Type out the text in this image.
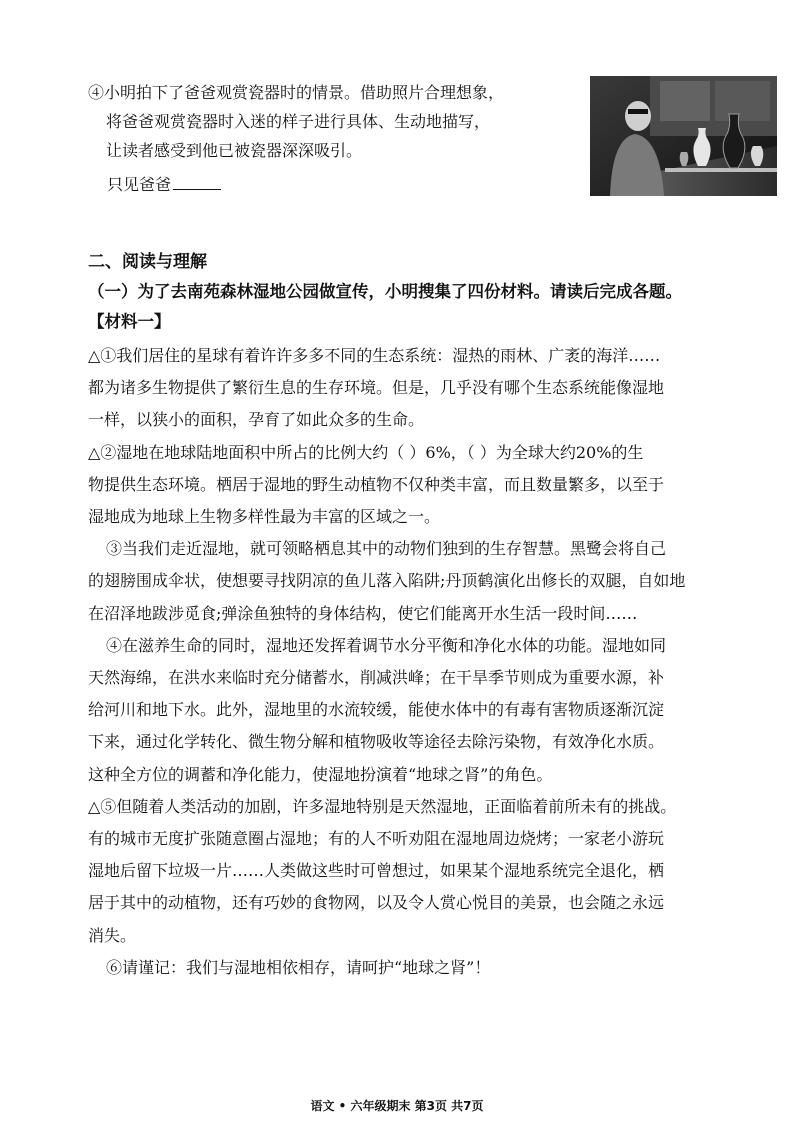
④小明拍下了爸爸观赏瓷器时的情景。借助照片合理想象，
将爸爸观赏瓷器时入迷的样子进行具体、生动地描写，
让读者感受到他已被瓷器深深吸引。
只见爸爸
二、阅读与理解
（一）为了去南苑森林湿地公园做宣传，小明搜集了四份材料。请读后完成各题。
【材料一】
△①我们居住的星球有着许许多多不同的生态系统：湿热的雨林、广袤的海洋……
都为诸多生物提供了繁衍生息的生存环境。但是，几乎没有哪个生态系统能像湿地
一样，以狭小的面积，孕育了如此众多的生命。
△②湿地在地球陆地面积中所占的比例大约（ ）6%，（ ）为全球大约20%的生
物提供生态环境。栖居于湿地的野生动植物不仅种类丰富，而且数量繁多，以至于
湿地成为地球上生物多样性最为丰富的区域之一。
③当我们走近湿地，就可领略栖息其中的动物们独到的生存智慧。黑鹭会将自己
的翅膀围成伞状，使想要寻找阴凉的鱼儿落入陷阱;丹顶鹤演化出修长的双腿，自如地
在沼泽地跋涉觅食;弹涂鱼独特的身体结构，使它们能离开水生活一段时间……
④在滋养生命的同时，湿地还发挥着调节水分平衡和净化水体的功能。湿地如同
天然海绵，在洪水来临时充分储蓄水，削减洪峰；在干旱季节则成为重要水源，补
给河川和地下水。此外，湿地里的水流较缓，能使水体中的有毒有害物质逐渐沉淀
下来，通过化学转化、微生物分解和植物吸收等途径去除污染物，有效净化水质。
这种全方位的调蓄和净化能力，使湿地扮演着“地球之肾”的角色。
△⑤但随着人类活动的加剧，许多湿地特别是天然湿地，正面临着前所未有的挑战。
有的城市无度扩张随意圈占湿地；有的人不听劝阻在湿地周边烧烤；一家老小游玩
湿地后留下垃圾一片……人类做这些时可曾想过，如果某个湿地系统完全退化，栖
居于其中的动植物，还有巧妙的食物网，以及令人赏心悦目的美景，也会随之永远
消失。
⑥请谨记：我们与湿地相依相存，请呵护“地球之肾”！
语文 • 六年级期末 第3页 共7页
